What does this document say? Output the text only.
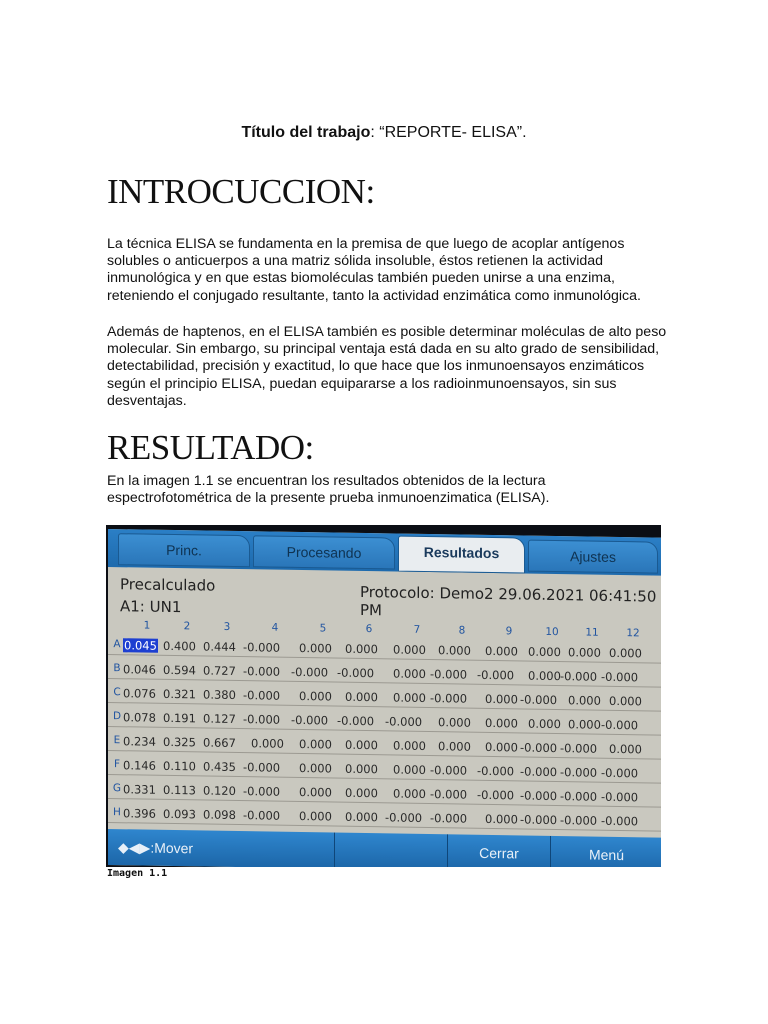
Título del trabajo: “REPORTE- ELISA”.
INTROCUCCION:

La técnica ELISA se fundamenta en la premisa de que luego de acoplar antígenos solubles o anticuerpos a una matriz sólida insoluble, éstos retienen la actividad inmunológica y en que estas biomoléculas también pueden unirse a una enzima, reteniendo el conjugado resultante, tanto la actividad enzimática como inmunológica.

Además de haptenos, en el ELISA también es posible determinar moléculas de alto peso molecular. Sin embargo, su principal ventaja está dada en su alto grado de sensibilidad, detectabilidad, precisión y exactitud, lo que hace que los inmunoensayos enzimáticos según el principio ELISA, puedan equipararse a los radioinmunoensayos, sin sus desventajas.

RESULTADO:

En la imagen 1.1 se encuentran los resultados obtenidos de la lectura espectrofotométrica de la presente prueba inmunoenzimatica (ELISA).

Princ.	Procesando	Resultados	Ajustes
Precalculado
A1: UN1
Protocolo: Demo2 29.06.2021 06:41:50 PM
1	2	3	4	5	6	7	8	9	10	11	12
A 0.045 0.400 0.444 -0.000 0.000 0.000 0.000 0.000 0.000 0.000 0.000 0.000
B 0.046 0.594 0.727 -0.000 -0.000 -0.000 0.000 -0.000 -0.000 0.000 -0.000 -0.000
C 0.076 0.321 0.380 -0.000 0.000 0.000 0.000 -0.000 0.000 -0.000 0.000 0.000
D 0.078 0.191 0.127 -0.000 -0.000 -0.000 -0.000 0.000 0.000 0.000 0.000 -0.000
E 0.234 0.325 0.667 0.000 0.000 0.000 0.000 0.000 0.000 -0.000 -0.000 0.000
F 0.146 0.110 0.435 -0.000 0.000 0.000 0.000 -0.000 -0.000 -0.000 -0.000 -0.000
G 0.331 0.113 0.120 -0.000 0.000 0.000 0.000 -0.000 -0.000 -0.000 -0.000 -0.000
H 0.396 0.093 0.098 -0.000 0.000 0.000 -0.000 -0.000 0.000 -0.000 -0.000 -0.000
◆◀▶:Mover	Cerrar	Menú
Imagen 1.1
